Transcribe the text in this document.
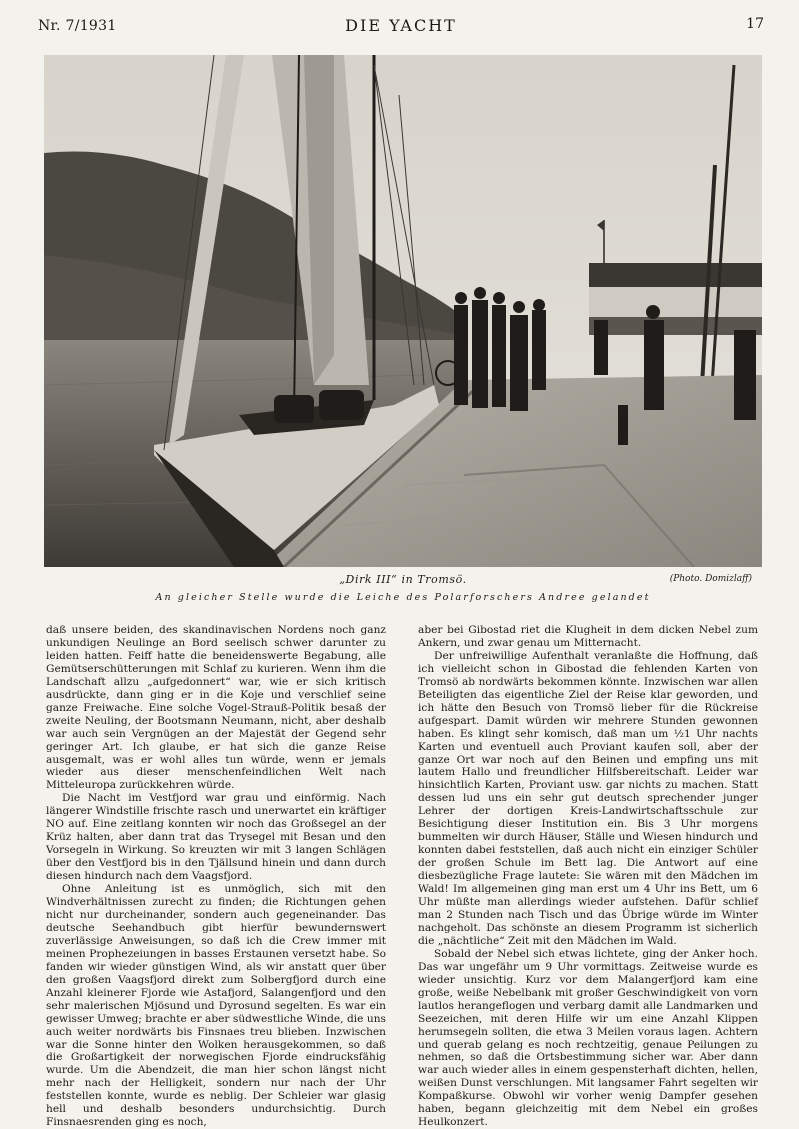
Nr. 7/1931	DIE YACHT	17
„Dirk III“ in Tromsö.	(Photo. Domizlaff)
An gleicher Stelle wurde die Leiche des Polarforschers Andree gelandet

daß unsere beiden, des skandinavischen Nordens noch ganz unkundigen Neulinge an Bord seelisch schwer darunter zu leiden hatten. Feiff hatte die beneidenswerte Begabung, alle Gemütserschütterungen mit Schlaf zu kurieren. Wenn ihm die Landschaft allzu „aufgedonnert“ war, wie er sich kritisch ausdrückte, dann ging er in die Koje und verschlief seine ganze Freiwache. Eine solche Vogel-Strauß-Politik besaß der zweite Neuling, der Bootsmann Neumann, nicht, aber deshalb war auch sein Vergnügen an der Majestät der Gegend sehr geringer Art. Ich glaube, er hat sich die ganze Reise ausgemalt, was er wohl alles tun würde, wenn er jemals wieder aus dieser menschenfeindlichen Welt nach Mitteleuropa zurückkehren würde.

Die Nacht im Vestfjord war grau und einförmig. Nach längerer Windstille frischte rasch und unerwartet ein kräftiger NO auf. Eine zeitlang konnten wir noch das Großsegel an der Krüz halten, aber dann trat das Trysegel mit Besan und den Vorsegeln in Wirkung. So kreuzten wir mit 3 langen Schlägen über den Vestfjord bis in den Tjällsund hinein und dann durch diesen hindurch nach dem Vaagsfjord.

Ohne Anleitung ist es unmöglich, sich mit den Windverhältnissen zurecht zu finden; die Richtungen gehen nicht nur durcheinander, sondern auch gegeneinander. Das deutsche Seehandbuch gibt hierfür bewundernswert zuverlässige Anweisungen, so daß ich die Crew immer mit meinen Prophezeiungen in basses Erstaunen versetzt habe. So fanden wir wieder günstigen Wind, als wir anstatt quer über den großen Vaagsfjord direkt zum Solbergfjord durch eine Anzahl kleinerer Fjorde wie Astafjord, Salangenfjord und den sehr malerischen Mjösund und Dyrosund segelten. Es war ein gewisser Umweg; brachte er aber südwestliche Winde, die uns auch weiter nordwärts bis Finsnaes treu blieben. Inzwischen war die Sonne hinter den Wolken herausgekommen, so daß die Großartigkeit der norwegischen Fjorde eindrucksfähig wurde. Um die Abendzeit, die man hier schon längst nicht mehr nach der Helligkeit, sondern nur nach der Uhr feststellen konnte, wurde es neblig. Der Schleier war glasig hell und deshalb besonders undurchsichtig. Durch Finsnaesrenden ging es noch,

aber bei Gibostad riet die Klugheit in dem dicken Nebel zum Ankern, und zwar genau um Mitternacht.

Der unfreiwillige Aufenthalt veranlaßte die Hoffnung, daß ich vielleicht schon in Gibostad die fehlenden Karten von Tromsö ab nordwärts bekommen könnte. Inzwischen war allen Beteiligten das eigentliche Ziel der Reise klar geworden, und ich hätte den Besuch von Tromsö lieber für die Rückreise aufgespart. Damit würden wir mehrere Stunden gewonnen haben. Es klingt sehr komisch, daß man um ½1 Uhr nachts Karten und eventuell auch Proviant kaufen soll, aber der ganze Ort war noch auf den Beinen und empfing uns mit lautem Hallo und freundlicher Hilfsbereitschaft. Leider war hinsichtlich Karten, Proviant usw. gar nichts zu machen. Statt dessen lud uns ein sehr gut deutsch sprechender junger Lehrer der dortigen Kreis-Landwirtschaftsschule zur Besichtigung dieser Institution ein. Bis 3 Uhr morgens bummelten wir durch Häuser, Ställe und Wiesen hindurch und konnten dabei feststellen, daß auch nicht ein einziger Schüler der großen Schule im Bett lag. Die Antwort auf eine diesbezügliche Frage lautete: Sie wären mit den Mädchen im Wald! Im allgemeinen ging man erst um 4 Uhr ins Bett, um 6 Uhr müßte man allerdings wieder aufstehen. Dafür schlief man 2 Stunden nach Tisch und das Übrige würde im Winter nachgeholt. Das schönste an diesem Programm ist sicherlich die „nächtliche“ Zeit mit den Mädchen im Wald.

Sobald der Nebel sich etwas lichtete, ging der Anker hoch. Das war ungefähr um 9 Uhr vormittags. Zeitweise wurde es wieder unsichtig. Kurz vor dem Malangerfjord kam eine große, weiße Nebelbank mit großer Geschwindigkeit von vorn lautlos herangeflogen und verbarg damit alle Landmarken und Seezeichen, mit deren Hilfe wir um eine Anzahl Klippen herumsegeln sollten, die etwa 3 Meilen voraus lagen. Achtern und querab gelang es noch rechtzeitig, genaue Peilungen zu nehmen, so daß die Ortsbestimmung sicher war. Aber dann war auch wieder alles in einem gespensterhaft dichten, hellen, weißen Dunst verschlungen. Mit langsamer Fahrt segelten wir Kompaßkurse. Obwohl wir vorher wenig Dampfer gesehen haben, begann gleichzeitig mit dem Nebel ein großes Heulkonzert.
